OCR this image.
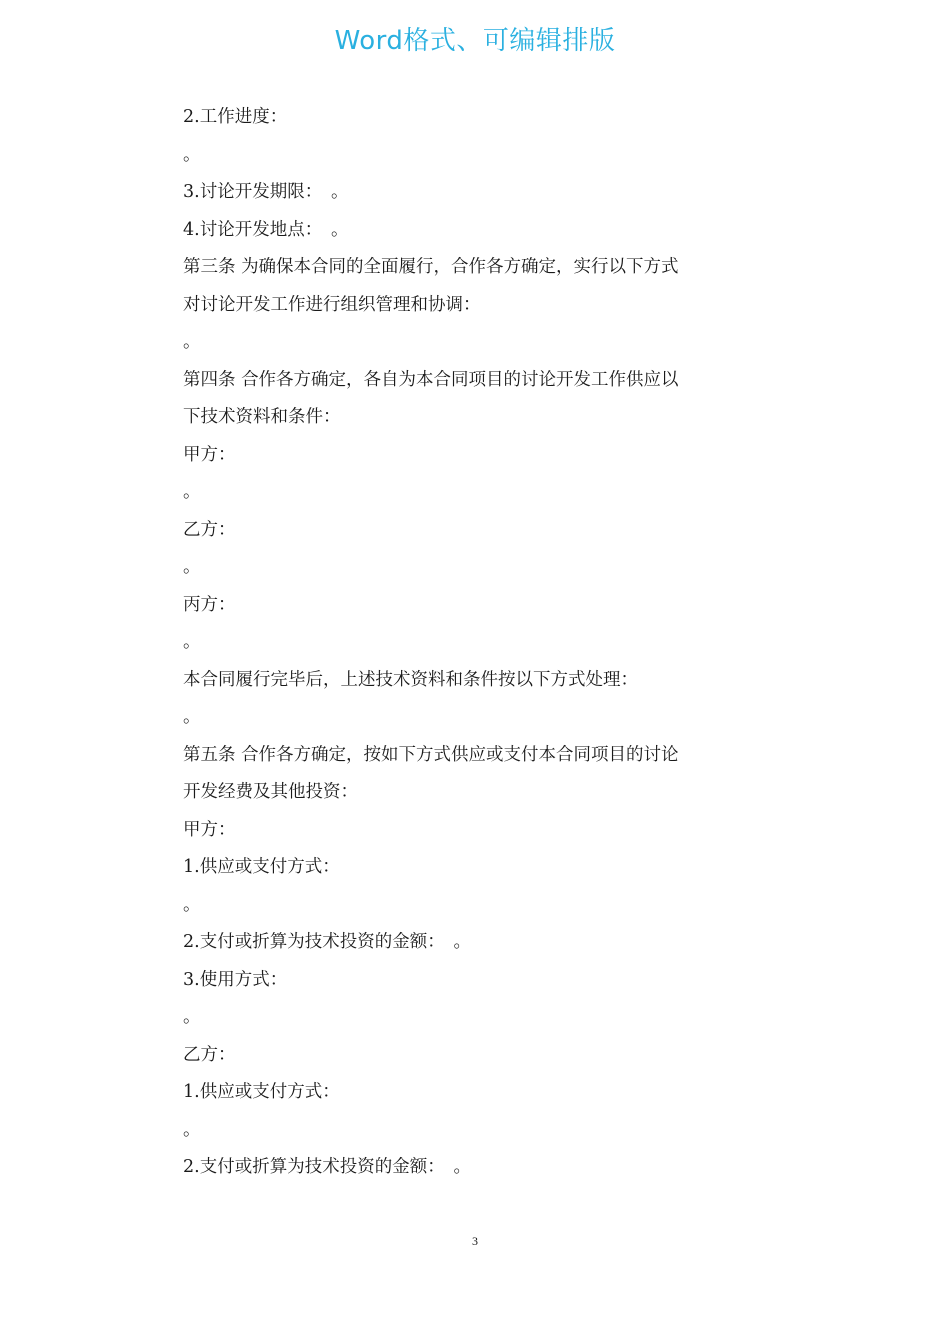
Word格式、可编辑排版
2.工作进度：
。
3.讨论开发期限：　。
4.讨论开发地点：　。
第三条 为确保本合同的全面履行，合作各方确定，实行以下方式
对讨论开发工作进行组织管理和协调：
。
第四条 合作各方确定，各自为本合同项目的讨论开发工作供应以
下技术资料和条件：
甲方：
。
乙方：
。
丙方：
。
本合同履行完毕后，上述技术资料和条件按以下方式处理：
。
第五条 合作各方确定，按如下方式供应或支付本合同项目的讨论
开发经费及其他投资：
甲方：
1.供应或支付方式：
。
2.支付或折算为技术投资的金额：　。
3.使用方式：
。
乙方：
1.供应或支付方式：
。
2.支付或折算为技术投资的金额：　。
3
